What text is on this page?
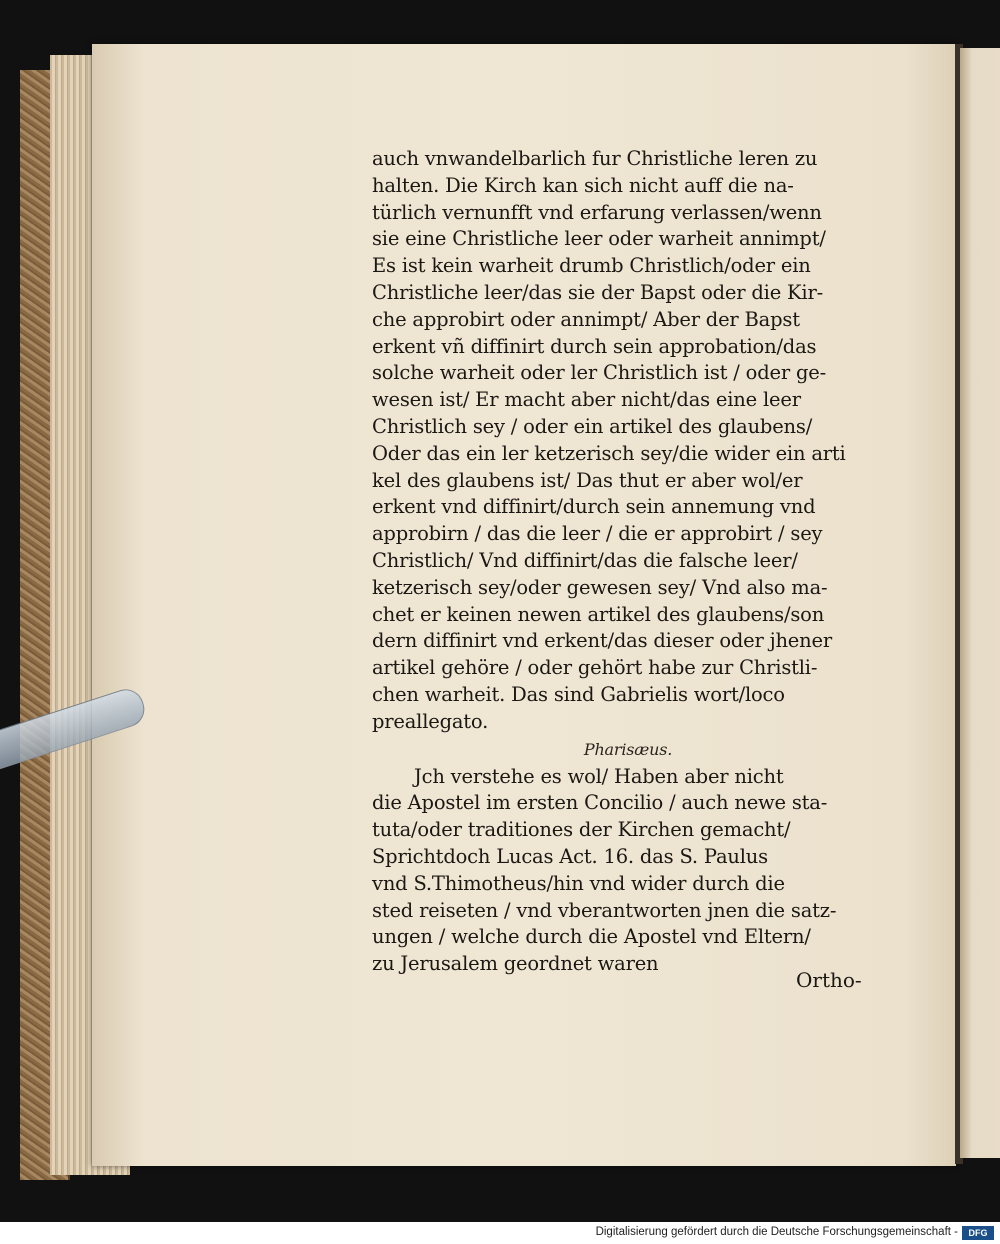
auch vnwandelbarlich fur Christliche leren zu
halten. Die Kirch kan sich nicht auff die na-
türlich vernunfft vnd erfarung verlassen/wenn
sie eine Christliche leer oder warheit annimpt/
Es ist kein warheit drumb Christlich/oder ein
Christliche leer/das sie der Bapst oder die Kir-
che approbirt oder annimpt/ Aber der Bapst
erkent vñ diffinirt durch sein approbation/das
solche warheit oder ler Christlich ist / oder ge-
wesen ist/ Er macht aber nicht/das eine leer
Christlich sey / oder ein artikel des glaubens/
Oder das ein ler ketzerisch sey/die wider ein arti
kel des glaubens ist/ Das thut er aber wol/er
erkent vnd diffinirt/durch sein annemung vnd
approbirn / das die leer / die er approbirt / sey
Christlich/ Vnd diffinirt/das die falsche leer/
ketzerisch sey/oder gewesen sey/ Vnd also ma-
chet er keinen newen artikel des glaubens/son
dern diffinirt vnd erkent/das dieser oder jhener
artikel gehöre / oder gehört habe zur Christli-
chen warheit. Das sind Gabrielis wort/loco
preallegato.
Pharisæus.
Jch verstehe es wol/ Haben aber nicht
die Apostel im ersten Concilio / auch newe sta-
tuta/oder traditiones der Kirchen gemacht/
Sprichtdoch Lucas Act. 16. das S. Paulus
vnd S.Thimotheus/hin vnd wider durch die
sted reiseten / vnd vberantworten jnen die satz-
ungen / welche durch die Apostel vnd Eltern/
zu Jerusalem geordnet waren
Ortho-
Digitalisierung gefördert durch die Deutsche Forschungsgemeinschaft -	DFG
